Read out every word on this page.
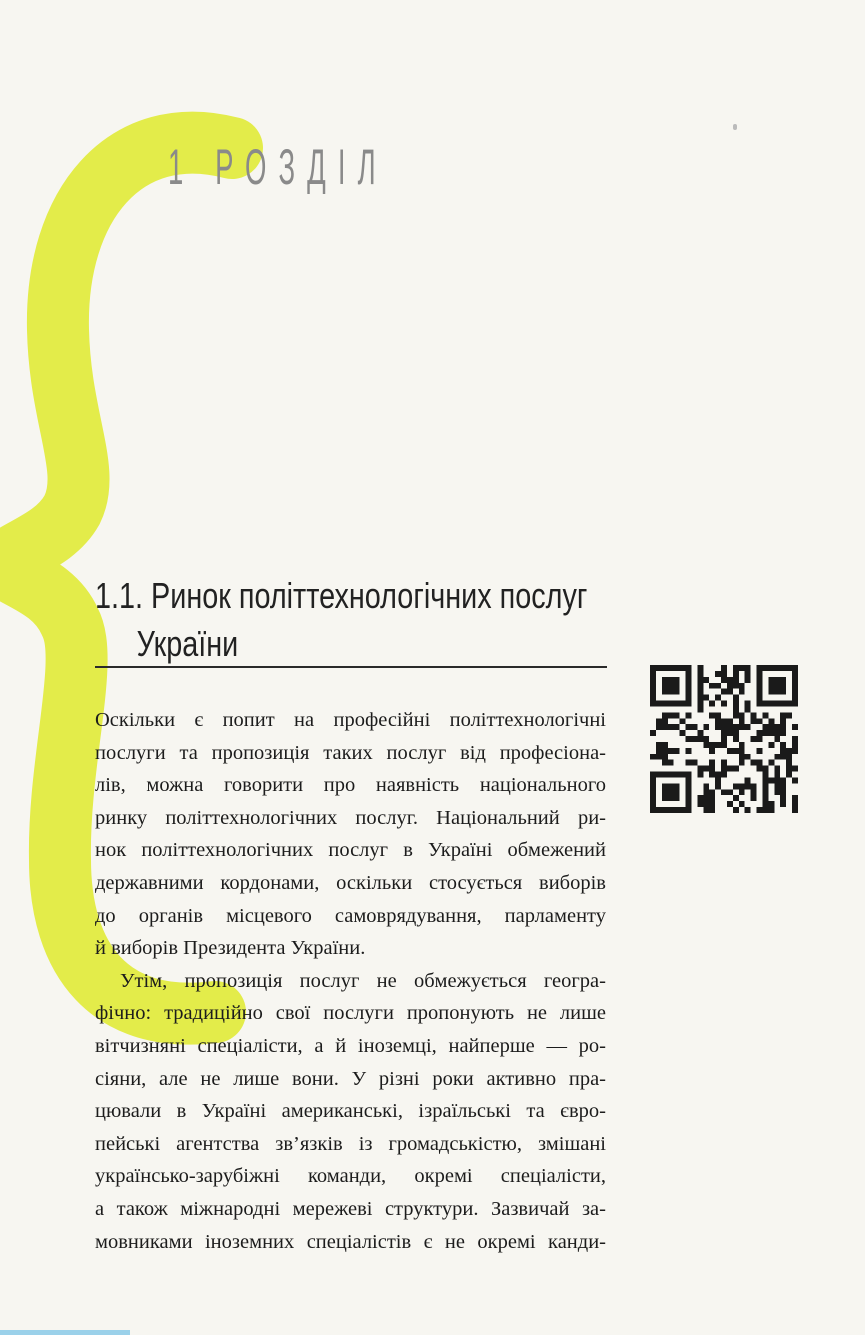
1 РОЗДІЛ
1.1. Ринок політтехнологічних послуг
України

Оскільки є попит на професійні політтехнологічні

послуги та пропозиція таких послуг від професіона-

лів, можна говорити про наявність національного

ринку політтехнологічних послуг. Національний ри-

нок політтехнологічних послуг в Україні обмежений

державними кордонами, оскільки стосується виборів

до органів місцевого самоврядування, парламенту

й виборів Президента України.

Утім, пропозиція послуг не обмежується геогра-

фічно: традиційно свої послуги пропонують не лише

вітчизняні спеціалісти, а й іноземці, найперше — ро-

сіяни, але не лише вони. У різні роки активно пра-

цювали в Україні американські, ізраїльські та євро-

пейські агентства зв’язків із громадськістю, змішані

українсько-зарубіжні команди, окремі спеціалісти,

а також міжнародні мережеві структури. Зазвичай за-

мовниками іноземних спеціалістів є не окремі канди-
